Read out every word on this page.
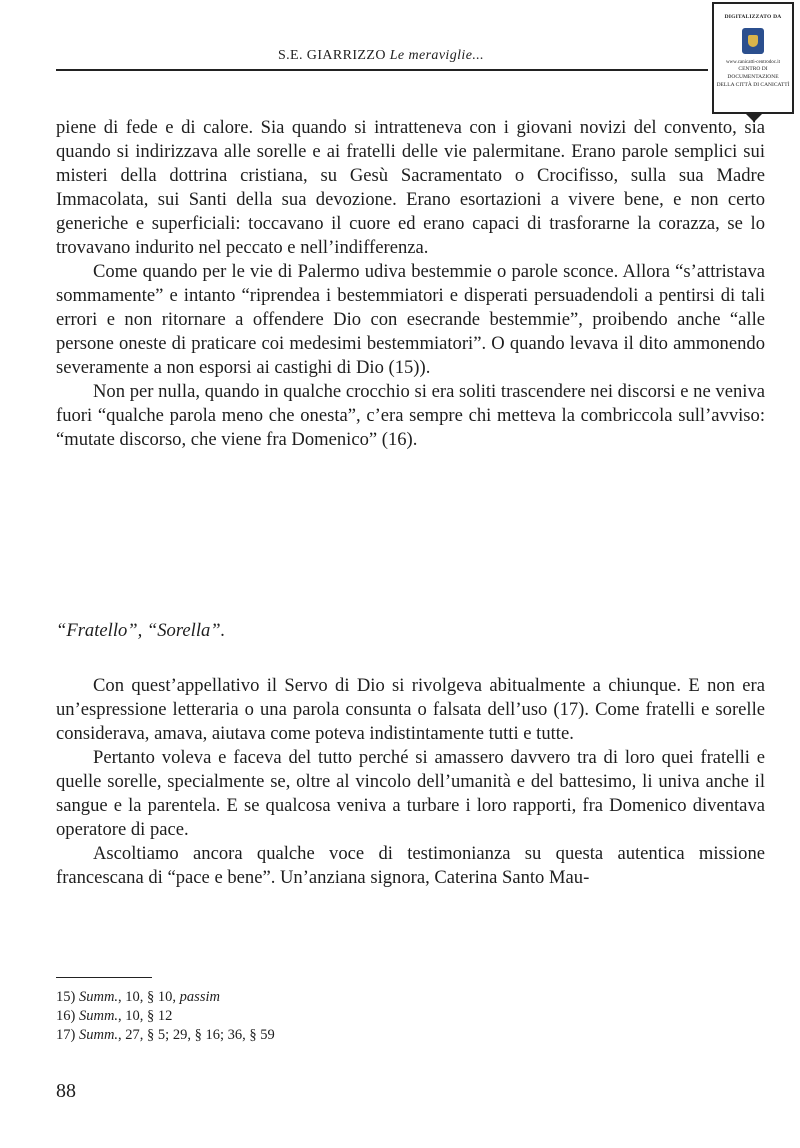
S.E. GIARRIZZO Le meraviglie...
DIGITALIZZATO DA
www.canicatti-centrodoc.it
CENTRO DI DOCUMENTAZIONE
DELLA CITTÀ DI CANICATTÌ

piene di fede e di calore. Sia quando si intratteneva con i giovani novizi del convento, sia quando si indirizzava alle sorelle e ai fratelli delle vie palermitane. Erano parole semplici sui misteri della dottrina cristiana, su Gesù Sacramentato o Crocifisso, sulla sua Madre Immacolata, sui Santi della sua devozione. Erano esortazioni a vivere bene, e non certo generiche e superficiali: toccavano il cuore ed erano capaci di trasforarne la corazza, se lo trovavano indurito nel peccato e nell’indifferenza.

Come quando per le vie di Palermo udiva bestemmie o parole sconce. Allora “s’attristava sommamente” e intanto “riprendea i bestemmiatori e disperati persuadendoli a pentirsi di tali errori e non ritornare a offendere Dio con esecrande bestemmie”, proibendo anche “alle persone oneste di praticare coi medesimi bestemmiatori”. O quando levava il dito ammonendo severamente a non esporsi ai castighi di Dio (15)).

Non per nulla, quando in qualche crocchio si era soliti trascendere nei discorsi e ne veniva fuori “qualche parola meno che onesta”, c’era sempre chi metteva la combriccola sull’avviso: “mutate discorso, che viene fra Domenico” (16).

“Fratello”, “Sorella”.

Con quest’appellativo il Servo di Dio si rivolgeva abitualmente a chiunque. E non era un’espressione letteraria o una parola consunta o falsata dell’uso (17). Come fratelli e sorelle considerava, amava, aiutava come poteva indistintamente tutti e tutte.

Pertanto voleva e faceva del tutto perché si amassero davvero tra di loro quei fratelli e quelle sorelle, specialmente se, oltre al vincolo dell’umanità e del battesimo, li univa anche il sangue e la parentela. E se qualcosa veniva a turbare i loro rapporti, fra Domenico diventava operatore di pace.

Ascoltiamo ancora qualche voce di testimonianza su questa autentica missione francescana di “pace e bene”. Un’anziana signora, Caterina Santo Mau-

15) Summ., 10, § 10, passim
16) Summ., 10, § 12
17) Summ., 27, § 5; 29, § 16; 36, § 59
88
